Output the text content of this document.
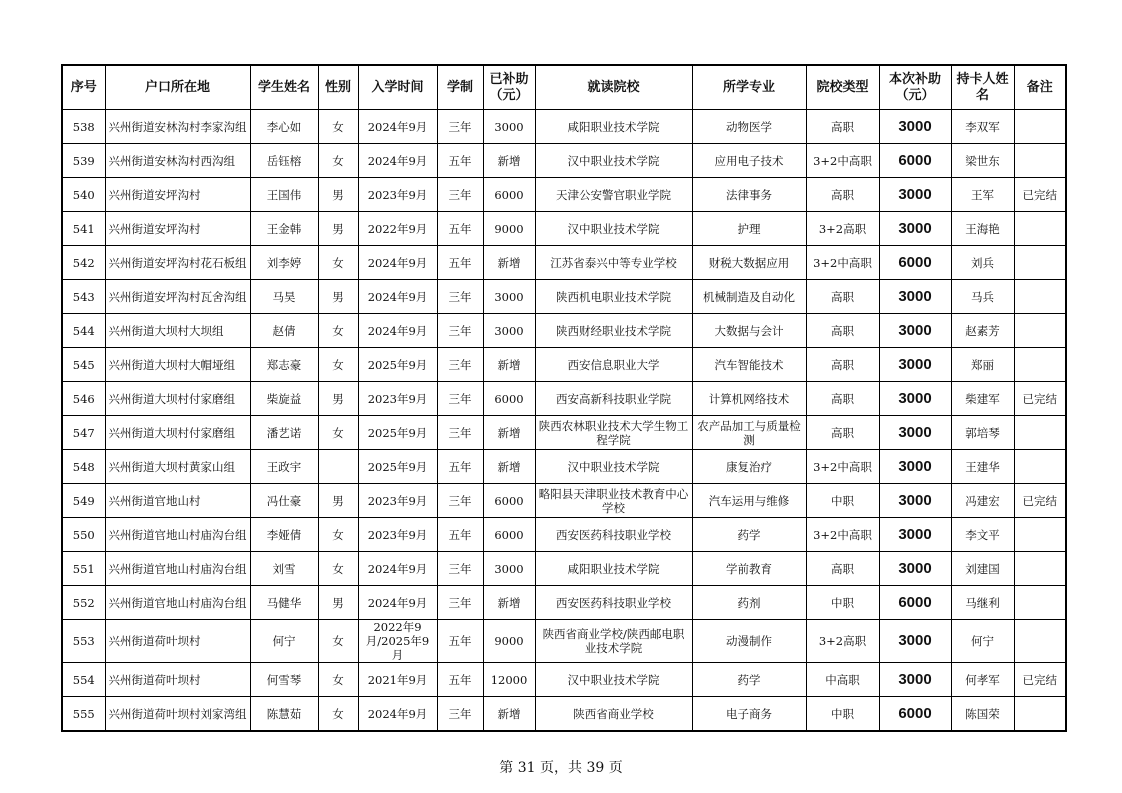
序号	户口所在地	学生姓名	性别	入学时间	学制	已补助（元）	就读院校	所学专业	院校类型	本次补助（元）	持卡人姓名	备注
538	兴州街道安林沟村李家沟组	李心如	女	2024年9月	三年	3000	咸阳职业技术学院	动物医学	高职	3000	李双军	
539	兴州街道安林沟村西沟组	岳钰榕	女	2024年9月	五年	新增	汉中职业技术学院	应用电子技术	3+2中高职	6000	梁世东	
540	兴州街道安坪沟村	王国伟	男	2023年9月	三年	6000	天津公安警官职业学院	法律事务	高职	3000	王军	已完结
541	兴州街道安坪沟村	王金韩	男	2022年9月	五年	9000	汉中职业技术学院	护理	3+2高职	3000	王海艳	
542	兴州街道安坪沟村花石板组	刘李婷	女	2024年9月	五年	新增	江苏省泰兴中等专业学校	财税大数据应用	3+2中高职	6000	刘兵	
543	兴州街道安坪沟村瓦舍沟组	马昊	男	2024年9月	三年	3000	陕西机电职业技术学院	机械制造及自动化	高职	3000	马兵	
544	兴州街道大坝村大坝组	赵倩	女	2024年9月	三年	3000	陕西财经职业技术学院	大数据与会计	高职	3000	赵素芳	
545	兴州街道大坝村大帽垭组	郑志豪	女	2025年9月	三年	新增	西安信息职业大学	汽车智能技术	高职	3000	郑丽	
546	兴州街道大坝村付家磨组	柴旋益	男	2023年9月	三年	6000	西安高新科技职业学院	计算机网络技术	高职	3000	柴建军	已完结
547	兴州街道大坝村付家磨组	潘艺诺	女	2025年9月	三年	新增	陕西农林职业技术大学生物工程学院	农产品加工与质量检测	高职	3000	郭培琴	
548	兴州街道大坝村黄家山组	王政宇		2025年9月	五年	新增	汉中职业技术学院	康复治疗	3+2中高职	3000	王建华	
549	兴州街道官地山村	冯仕豪	男	2023年9月	三年	6000	略阳县天津职业技术教育中心学校	汽车运用与维修	中职	3000	冯建宏	已完结
550	兴州街道官地山村庙沟台组	李娅倩	女	2023年9月	五年	6000	西安医药科技职业学校	药学	3+2中高职	3000	李文平	
551	兴州街道官地山村庙沟台组	刘雪	女	2024年9月	三年	3000	咸阳职业技术学院	学前教育	高职	3000	刘建国	
552	兴州街道官地山村庙沟台组	马健华	男	2024年9月	三年	新增	西安医药科技职业学校	药剂	中职	6000	马继利	
553	兴州街道荷叶坝村	何宁	女	2022年9月/2025年9月	五年	9000	陕西省商业学校/陕西邮电职业技术学院	动漫制作	3+2高职	3000	何宁	
554	兴州街道荷叶坝村	何雪琴	女	2021年9月	五年	12000	汉中职业技术学院	药学	中高职	3000	何孝军	已完结
555	兴州街道荷叶坝村刘家湾组	陈慧茹	女	2024年9月	三年	新增	陕西省商业学校	电子商务	中职	6000	陈国荣	
第 31 页，共 39 页
